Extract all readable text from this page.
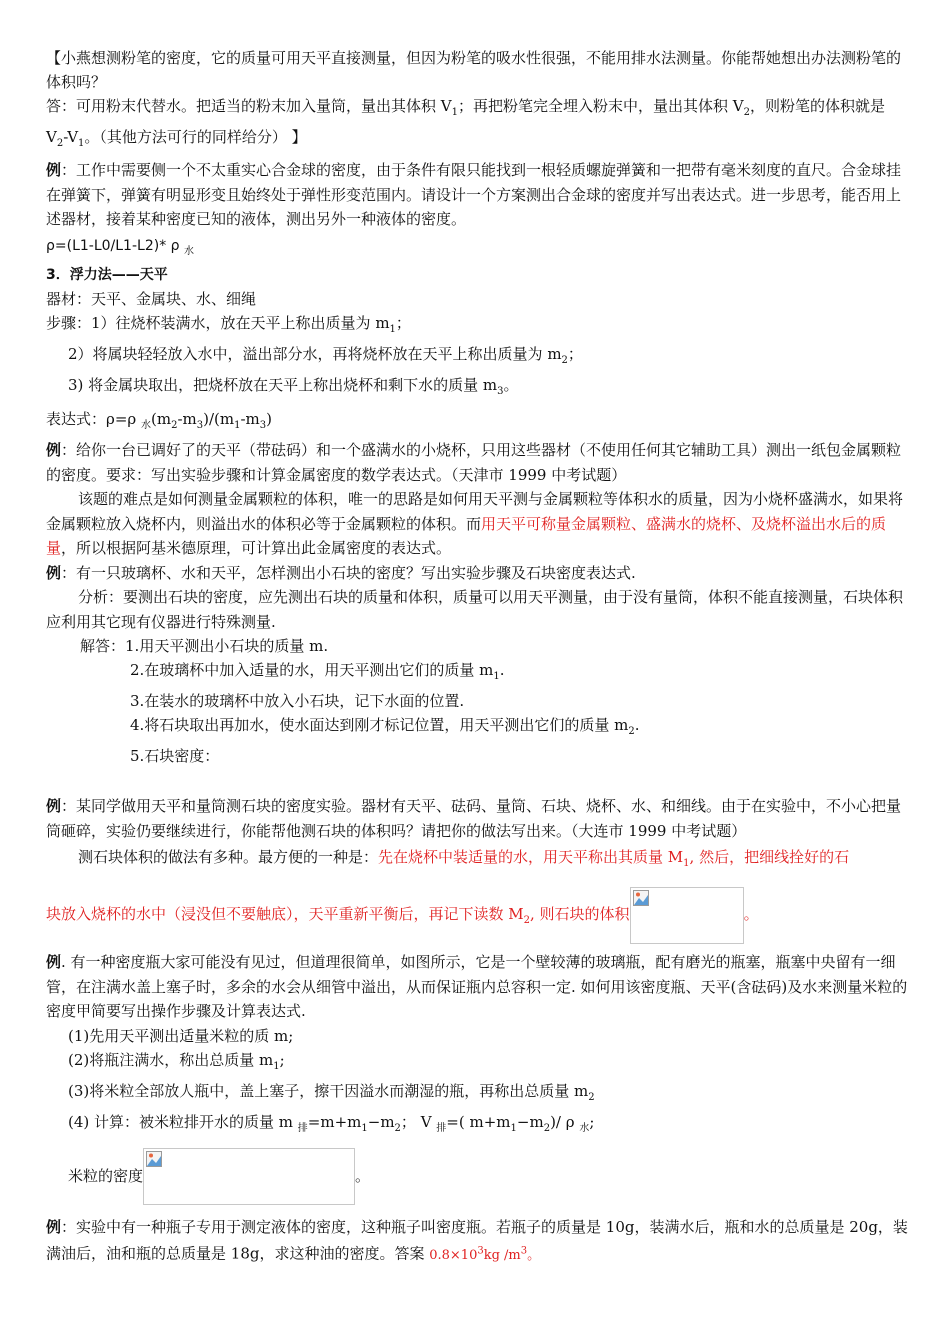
【小燕想测粉笔的密度，它的质量可用天平直接测量，但因为粉笔的吸水性很强，不能用排水法测量。你能帮她想出办法测粉笔的体积吗？

答：可用粉末代替水。把适当的粉末加入量筒，量出其体积 $V_1$；再把粉笔完全埋入粉末中，量出其体积 $V_2$，则粉笔的体积就是 $V_2-V_1$。（其他方法可行的同样给分） 】

例：工作中需要侧一个不太重实心合金球的密度，由于条件有限只能找到一根轻质螺旋弹簧和一把带有毫米刻度的直尺。合金球挂在弹簧下，弹簧有明显形变且始终处于弹性形变范围内。请设计一个方案测出合金球的密度并写出表达式。进一步思考，能否用上述器材，接着某种密度已知的液体，测出另外一种液体的密度。

ρ=(L1-L0/L1-L2)* ρ $_水$

3．浮力法——天平

器材：天平、金属块、水、细绳

步骤：1）往烧杯装满水，放在天平上称出质量为 $m_1$；

2）将属块轻轻放入水中，溢出部分水，再将烧杯放在天平上称出质量为 $m_2$；

3) 将金属块取出，把烧杯放在天平上称出烧杯和剩下水的质量 $m_3$。

表达式：ρ=ρ $_水(m_2-m_3)/(m_1-m_3)$

例：给你一台已调好了的天平（带砝码）和一个盛满水的小烧杯，只用这些器材（不使用任何其它辅助工具）测出一纸包金属颗粒的密度。要求：写出实验步骤和计算金属密度的数学表达式。（天津市 1999 中考试题）

该题的难点是如何测量金属颗粒的体积，唯一的思路是如何用天平测与金属颗粒等体积水的质量，因为小烧杯盛满水，如果将金属颗粒放入烧杯内，则溢出水的体积必等于金属颗粒的体积。而用天平可称量金属颗粒、盛满水的烧杯、及烧杯溢出水后的质量，所以根据阿基米德原理，可计算出此金属密度的表达式。

例：有一只玻璃杯、水和天平，怎样测出小石块的密度？写出实验步骤及石块密度表达式.

分析：要测出石块的密度，应先测出石块的质量和体积，质量可以用天平测量，由于没有量筒，体积不能直接测量，石块体积应利用其它现有仪器进行特殊测量.

解答：1.用天平测出小石块的质量 m.

2.在玻璃杯中加入适量的水，用天平测出它们的质量 $m_1$.

3.在装水的玻璃杯中放入小石块，记下水面的位置.

4.将石块取出再加水，使水面达到刚才标记位置，用天平测出它们的质量 $m_2$.

5.石块密度：

例：某同学做用天平和量筒测石块的密度实验。器材有天平、砝码、量筒、石块、烧杯、水、和细线。由于在实验中，不小心把量筒砸碎，实验仍要继续进行，你能帮他测石块的体积吗？请把你的做法写出来。（大连市 1999 中考试题）

测石块体积的做法有多种。最方便的一种是：先在烧杯中装适量的水，用天平称出其质量 $M_1$, 然后，把细线拴好的石

块放入烧杯的水中（浸没但不要触底），天平重新平衡后，再记下读数 $M_2$, 则石块的体积	。

例. 有一种密度瓶大家可能没有见过，但道理很简单，如图所示，它是一个壁较薄的玻璃瓶，配有磨光的瓶塞，瓶塞中央留有一细管，在注满水盖上塞子时，多余的水会从细管中溢出，从而保证瓶内总容积一定. 如何用该密度瓶、天平(含砝码)及水来测量米粒的密度甲简要写出操作步骤及计算表达式.

(1)先用天平测出适量米粒的质 m;

(2)将瓶注满水，称出总质量 $m_1$;

(3)将米粒全部放人瓶中，盖上塞子，擦干因溢水而潮湿的瓶，再称出总质量 $m_2$

(4) 计算：被米粒排开水的质量 m $_排=m+m_1-m_2$； V $_排$=( $m+m_1-m_2)/$ ρ $_水$;

米粒的密度	。

例：实验中有一种瓶子专用于测定液体的密度，这种瓶子叫密度瓶。若瓶子的质量是 10g，装满水后，瓶和水的总质量是 20g，装满油后，油和瓶的总质量是 18g，求这种油的密度。答案 $0.8\times 10^3kg$ $/m^3$。
